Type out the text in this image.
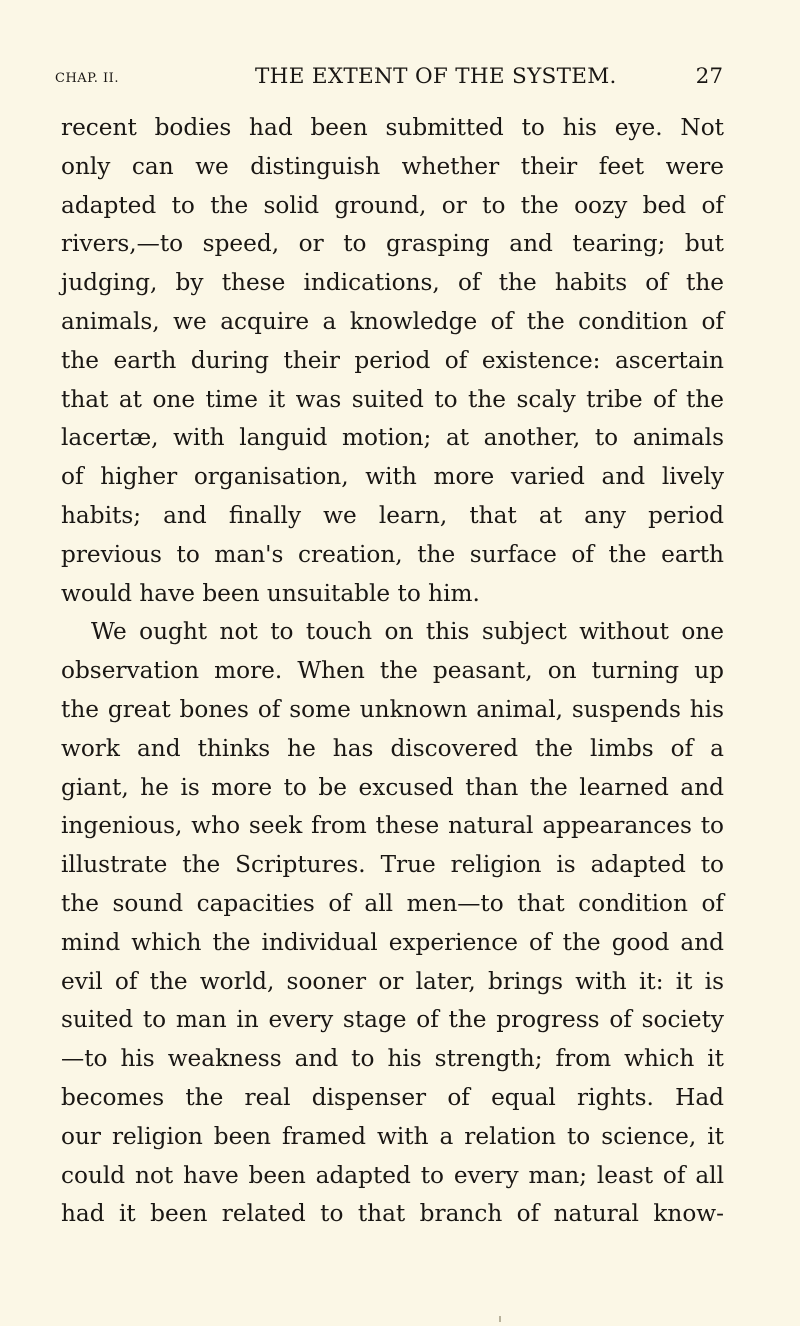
CHAP. II.	THE EXTENT OF THE SYSTEM.	27
recent bodies had been submitted to his eye. Not
only can we distinguish whether their feet were
adapted to the solid ground, or to the oozy bed of
rivers,—to speed, or to grasping and tearing; but
judging, by these indications, of the habits of the
animals, we acquire a knowledge of the condition of
the earth during their period of existence: ascertain
that at one time it was suited to the scaly tribe of the
lacertæ, with languid motion; at another, to animals
of higher organisation, with more varied and lively
habits; and finally we learn, that at any period
previous to man's creation, the surface of the earth
would have been unsuitable to him.
We ought not to touch on this subject without one
observation more. When the peasant, on turning up
the great bones of some unknown animal, suspends his
work and thinks he has discovered the limbs of a
giant, he is more to be excused than the learned and
ingenious, who seek from these natural appearances to
illustrate the Scriptures. True religion is adapted to
the sound capacities of all men—to that condition of
mind which the individual experience of the good and
evil of the world, sooner or later, brings with it: it is
suited to man in every stage of the progress of society
—to his weakness and to his strength; from which it
becomes the real dispenser of equal rights. Had
our religion been framed with a relation to science, it
could not have been adapted to every man; least of all
had it been related to that branch of natural know-
